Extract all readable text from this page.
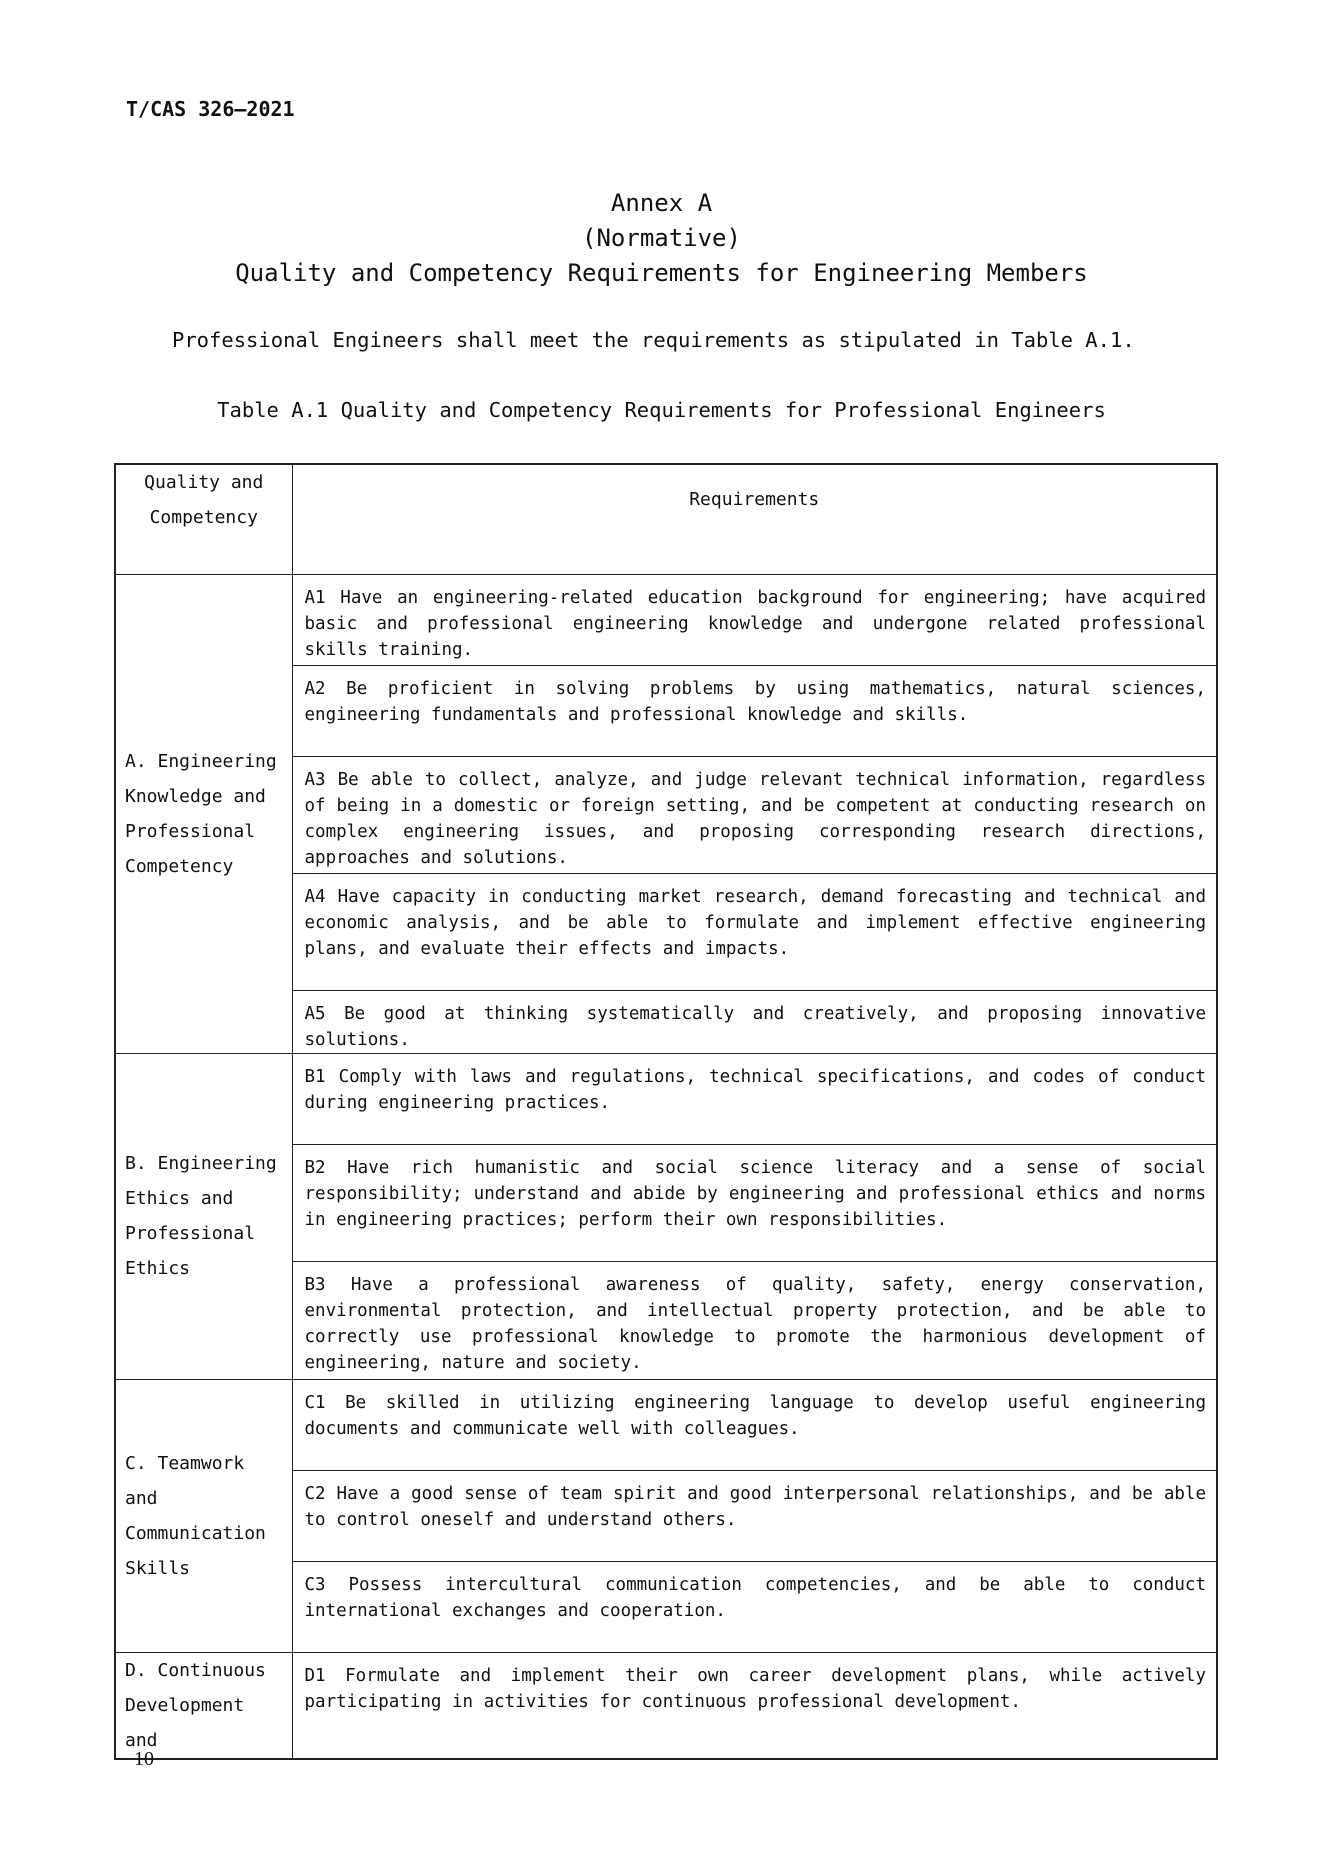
T/CAS 326—2021
Annex A
(Normative)
Quality and Competency Requirements for Engineering Members
Professional Engineers shall meet the requirements as stipulated in Table A.1.
Table A.1 Quality and Competency Requirements for Professional Engineers
Quality and
Competency	Requirements
A. Engineering Knowledge and Professional Competency	A1 Have an engineering-related education background for engineering; have acquired basic and professional engineering knowledge and undergone related professional skills training.
	A2 Be proficient in solving problems by using mathematics, natural sciences, engineering fundamentals and professional knowledge and skills.
	A3 Be able to collect, analyze, and judge relevant technical information, regardless of being in a domestic or foreign setting, and be competent at conducting research on complex engineering issues, and proposing corresponding research directions, approaches and solutions.
	A4 Have capacity in conducting market research, demand forecasting and technical and economic analysis, and be able to formulate and implement effective engineering plans, and evaluate their effects and impacts.
	A5 Be good at thinking systematically and creatively, and proposing innovative solutions.
B. Engineering Ethics and Professional Ethics	B1 Comply with laws and regulations, technical specifications, and codes of conduct during engineering practices.
	B2 Have rich humanistic and social science literacy and a sense of social responsibility; understand and abide by engineering and professional ethics and norms in engineering practices; perform their own responsibilities.
	B3 Have a professional awareness of quality, safety, energy conservation, environmental protection, and intellectual property protection, and be able to correctly use professional knowledge to promote the harmonious development of engineering, nature and society.
C. Teamwork and Communication Skills	C1 Be skilled in utilizing engineering language to develop useful engineering documents and communicate well with colleagues.
	C2 Have a good sense of team spirit and good interpersonal relationships, and be able to control oneself and understand others.
	C3 Possess intercultural communication competencies, and be able to conduct international exchanges and cooperation.
D. Continuous Development and	D1 Formulate and implement their own career development plans, while actively participating in activities for continuous professional development.
10
